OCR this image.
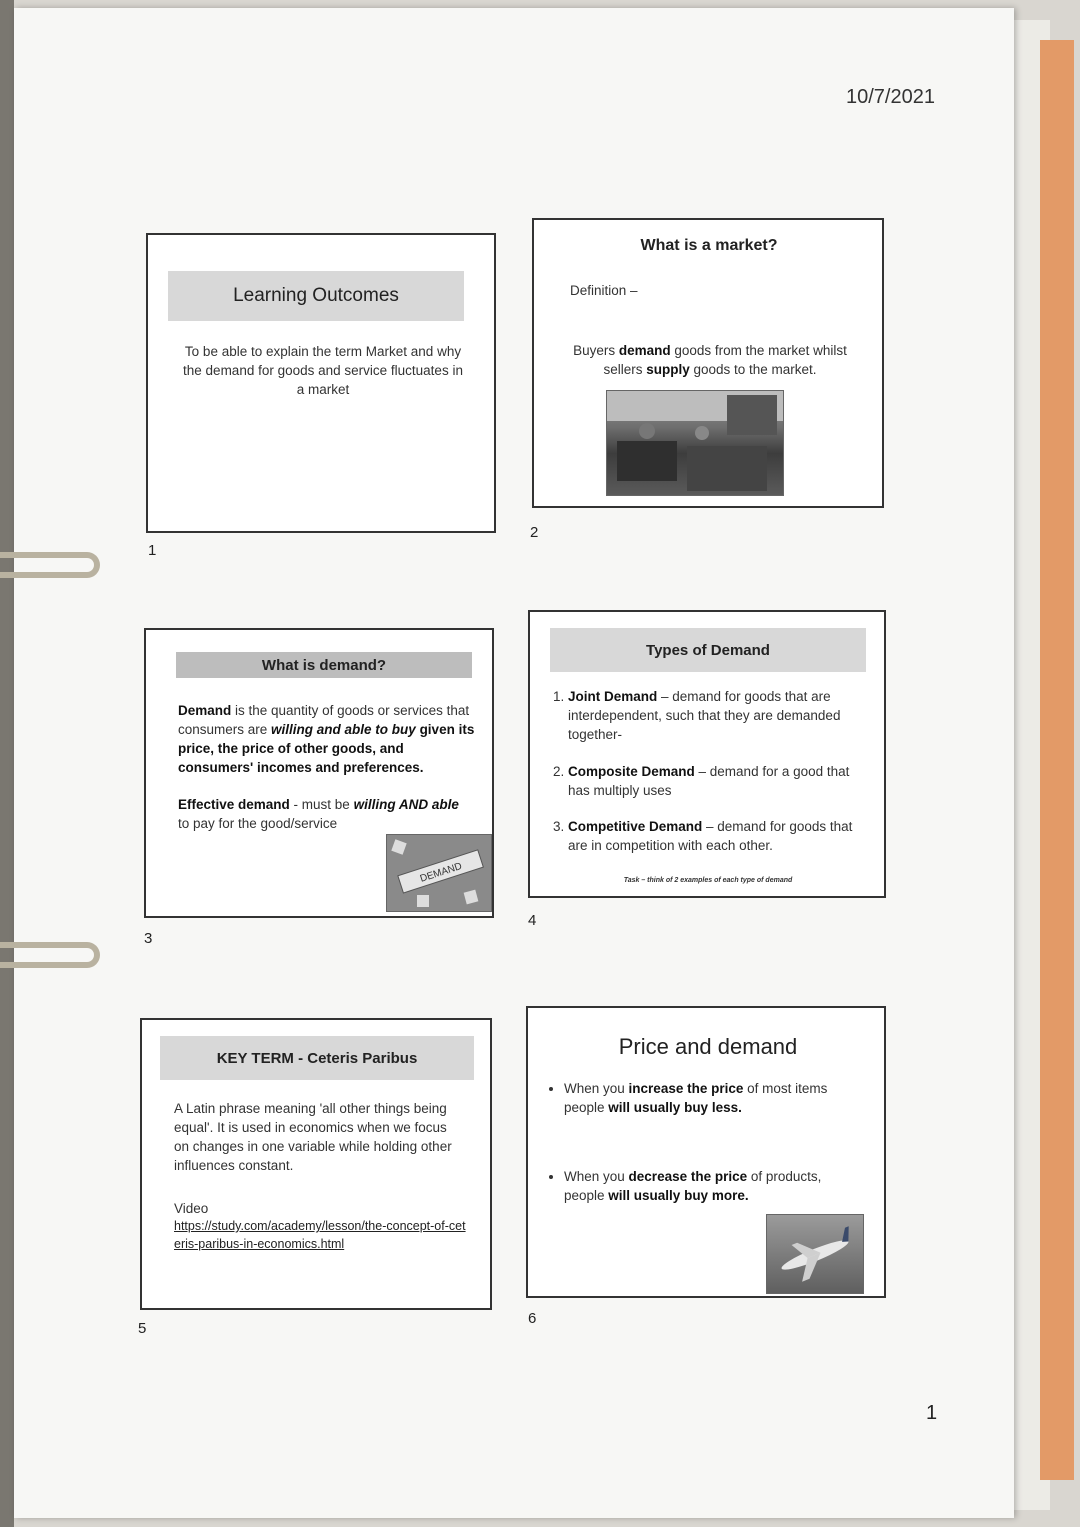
10/7/2021
Learning Outcomes
To be able to explain the term Market and why the demand for goods and service fluctuates in a market
1
What is a market?
Definition –
Buyers demand goods from the market whilst sellers supply goods to the market.
2
What is demand?
Demand is the quantity of goods or services that consumers are willing and able to buy given its price, the price of other goods, and consumers' incomes and preferences.
Effective demand - must be willing AND able to pay for the good/service
DEMAND
3
Types of Demand
1. Joint Demand – demand for goods that are interdependent, such that they are demanded together-
2. Composite Demand – demand for a good that has multiply uses
3. Competitive Demand – demand for goods that are in competition with each other.
Task – think of 2 examples of each type of demand
4
KEY TERM - Ceteris Paribus
A Latin phrase meaning 'all other things being equal'. It is used in economics when we focus on changes in one variable while holding other influences constant.
Video
https://study.com/academy/lesson/the-concept-of-ceteris-paribus-in-economics.html
5
Price and demand
• When you increase the price of most items people will usually buy less.
• When you decrease the price of products, people will usually buy more.
6
1
